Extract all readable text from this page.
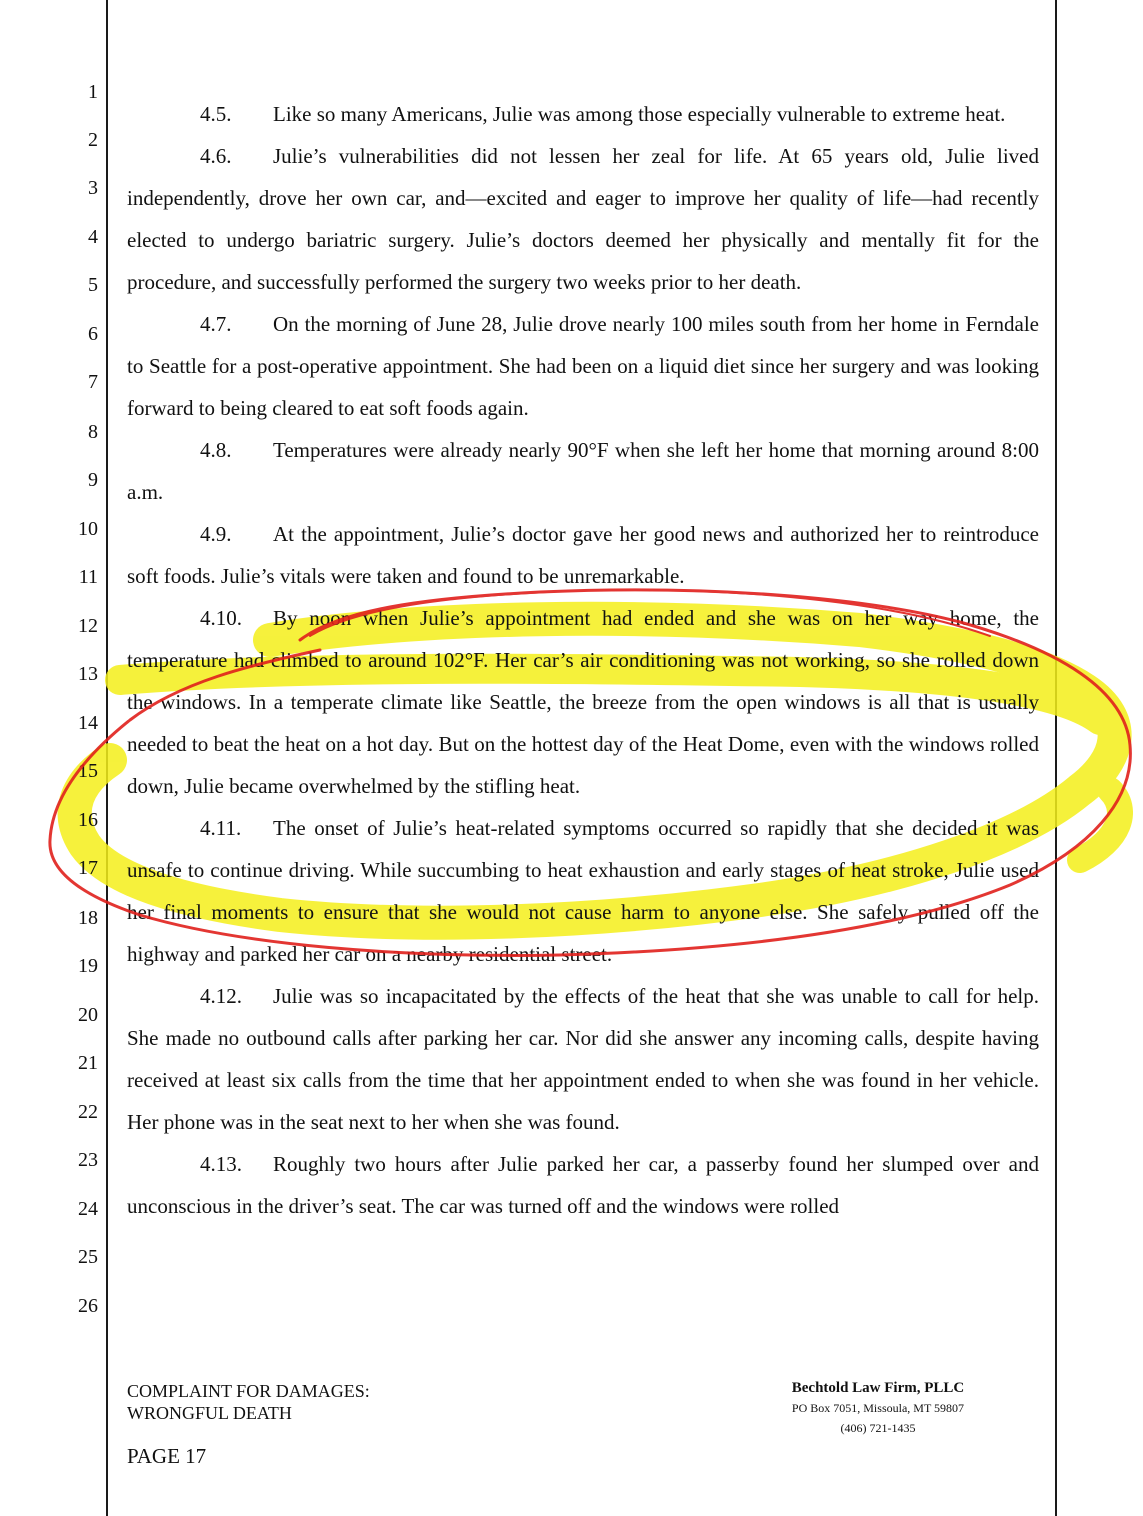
1
2
3
4
5
6
7
8
9
10
11
12
13
14
15
16
17
18
19
20
21
22
23
24
25
26

4.5. Like so many Americans, Julie was among those especially vulnerable to extreme heat.

4.6. Julie’s vulnerabilities did not lessen her zeal for life. At 65 years old, Julie lived independently, drove her own car, and—excited and eager to improve her quality of life—had recently elected to undergo bariatric surgery. Julie’s doctors deemed her physically and mentally fit for the procedure, and successfully performed the surgery two weeks prior to her death.

4.7. On the morning of June 28, Julie drove nearly 100 miles south from her home in Ferndale to Seattle for a post-operative appointment. She had been on a liquid diet since her surgery and was looking forward to being cleared to eat soft foods again.

4.8. Temperatures were already nearly 90°F when she left her home that morning around 8:00 a.m.

4.9. At the appointment, Julie’s doctor gave her good news and authorized her to reintroduce soft foods. Julie’s vitals were taken and found to be unremarkable.

4.10. By noon when Julie’s appointment had ended and she was on her way home, the temperature had climbed to around 102°F. Her car’s air conditioning was not working, so she rolled down the windows. In a temperate climate like Seattle, the breeze from the open windows is all that is usually needed to beat the heat on a hot day. But on the hottest day of the Heat Dome, even with the windows rolled down, Julie became overwhelmed by the stifling heat.

4.11. The onset of Julie’s heat-related symptoms occurred so rapidly that she decided it was unsafe to continue driving. While succumbing to heat exhaustion and early stages of heat stroke, Julie used her final moments to ensure that she would not cause harm to anyone else. She safely pulled off the highway and parked her car on a nearby residential street.

4.12. Julie was so incapacitated by the effects of the heat that she was unable to call for help. She made no outbound calls after parking her car. Nor did she answer any incoming calls, despite having received at least six calls from the time that her appointment ended to when she was found in her vehicle. Her phone was in the seat next to her when she was found.

4.13. Roughly two hours after Julie parked her car, a passerby found her slumped over and unconscious in the driver’s seat. The car was turned off and the windows were rolled

COMPLAINT FOR DAMAGES:
WRONGFUL DEATH
PAGE 17
Bechtold Law Firm, PLLC
PO Box 7051, Missoula, MT 59807
(406) 721-1435
